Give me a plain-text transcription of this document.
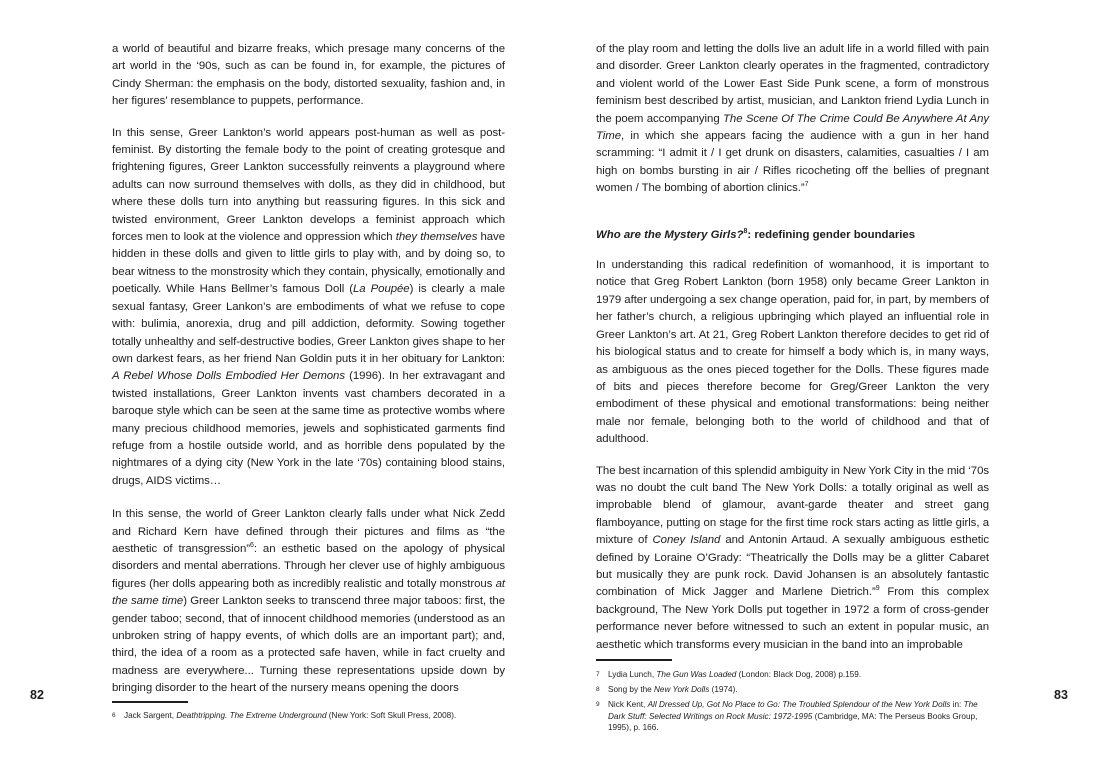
a world of beautiful and bizarre freaks, which presage many concerns of the art world in the ‘90s, such as can be found in, for example, the pictures of Cindy Sherman: the emphasis on the body, distorted sexuality, fashion and, in her figures’ resemblance to puppets, performance.

In this sense, Greer Lankton’s world appears post-human as well as post-feminist. By distorting the female body to the point of creating grotesque and frightening figures, Greer Lankton successfully reinvents a playground where adults can now surround themselves with dolls, as they did in childhood, but where these dolls turn into anything but reassuring figures. In this sick and twisted environment, Greer Lankton develops a feminist approach which forces men to look at the violence and oppression which they themselves have hidden in these dolls and given to little girls to play with, and by doing so, to bear witness to the monstrosity which they contain, physically, emotionally and poetically. While Hans Bellmer’s famous Doll (La Poupée) is clearly a male sexual fantasy, Greer Lankon’s are embodiments of what we refuse to cope with: bulimia, anorexia, drug and pill addiction, deformity. Sowing together totally unhealthy and self-destructive bodies, Greer Lankton gives shape to her own darkest fears, as her friend Nan Goldin puts it in her obituary for Lankton: A Rebel Whose Dolls Embodied Her Demons (1996). In her extravagant and twisted installations, Greer Lankton invents vast chambers decorated in a baroque style which can be seen at the same time as protective wombs where many precious childhood memories, jewels and sophisticated garments find refuge from a hostile outside world, and as horrible dens populated by the nightmares of a dying city (New York in the late ‘70s) containing blood stains, drugs, AIDS victims…

In this sense, the world of Greer Lankton clearly falls under what Nick Zedd and Richard Kern have defined through their pictures and films as “the aesthetic of transgression”$^6$: an esthetic based on the apology of physical disorders and mental aberrations. Through her clever use of highly ambiguous figures (her dolls appearing both as incredibly realistic and totally monstrous at the same time) Greer Lankton seeks to transcend three major taboos: first, the gender taboo; second, that of innocent childhood memories (understood as an unbroken string of happy events, of which dolls are an important part); and, third, the idea of a room as a protected safe haven, while in fact cruelty and madness are everywhere... Turning these representations upside down by bringing disorder to the heart of the nursery means opening the doors

82
6 Jack Sargent, Deathtripping. The Extreme Underground (New York: Soft Skull Press, 2008).

of the play room and letting the dolls live an adult life in a world filled with pain and disorder. Greer Lankton clearly operates in the fragmented, contradictory and violent world of the Lower East Side Punk scene, a form of monstrous feminism best described by artist, musician, and Lankton friend Lydia Lunch in the poem accompanying The Scene Of The Crime Could Be Anywhere At Any Time, in which she appears facing the audience with a gun in her hand scramming: “I admit it / I get drunk on disasters, calamities, casualties / I am high on bombs bursting in air / Rifles ricocheting off the bellies of pregnant women / The bombing of abortion clinics.”$^7$

Who are the Mystery Girls?$^8$: redefining gender boundaries

In understanding this radical redefinition of womanhood, it is important to notice that Greg Robert Lankton (born 1958) only became Greer Lankton in 1979 after undergoing a sex change operation, paid for, in part, by members of her father’s church, a religious upbringing which played an influential role in Greer Lankton’s art. At 21, Greg Robert Lankton therefore decides to get rid of his biological status and to create for himself a body which is, in many ways, as ambiguous as the ones pieced together for the Dolls. These figures made of bits and pieces therefore become for Greg/Greer Lankton the very embodiment of these physical and emotional transformations: being neither male nor female, belonging both to the world of childhood and that of adulthood.

The best incarnation of this splendid ambiguity in New York City in the mid ‘70s was no doubt the cult band The New York Dolls: a totally original as well as improbable blend of glamour, avant-garde theater and street gang flamboyance, putting on stage for the first time rock stars acting as little girls, a mixture of Coney Island and Antonin Artaud. A sexually ambiguous esthetic defined by Loraine O’Grady: “Theatrically the Dolls may be a glitter Cabaret but musically they are punk rock. David Johansen is an absolutely fantastic combination of Mick Jagger and Marlene Dietrich.”$^9$ From this complex background, The New York Dolls put together in 1972 a form of cross-gender performance never before witnessed to such an extent in popular music, an aesthetic which transforms every musician in the band into an improbable

83
7 Lydia Lunch, The Gun Was Loaded (London: Black Dog, 2008) p.159.
8 Song by the New York Dolls (1974).
9	Nick Kent, All Dressed Up, Got No Place to Go: The Troubled Splendour of the New York Dolls in: The Dark Stuff: Selected Writings on Rock Music: 1972-1995 (Cambridge, MA: The Perseus Books Group, 1995), p. 166.
